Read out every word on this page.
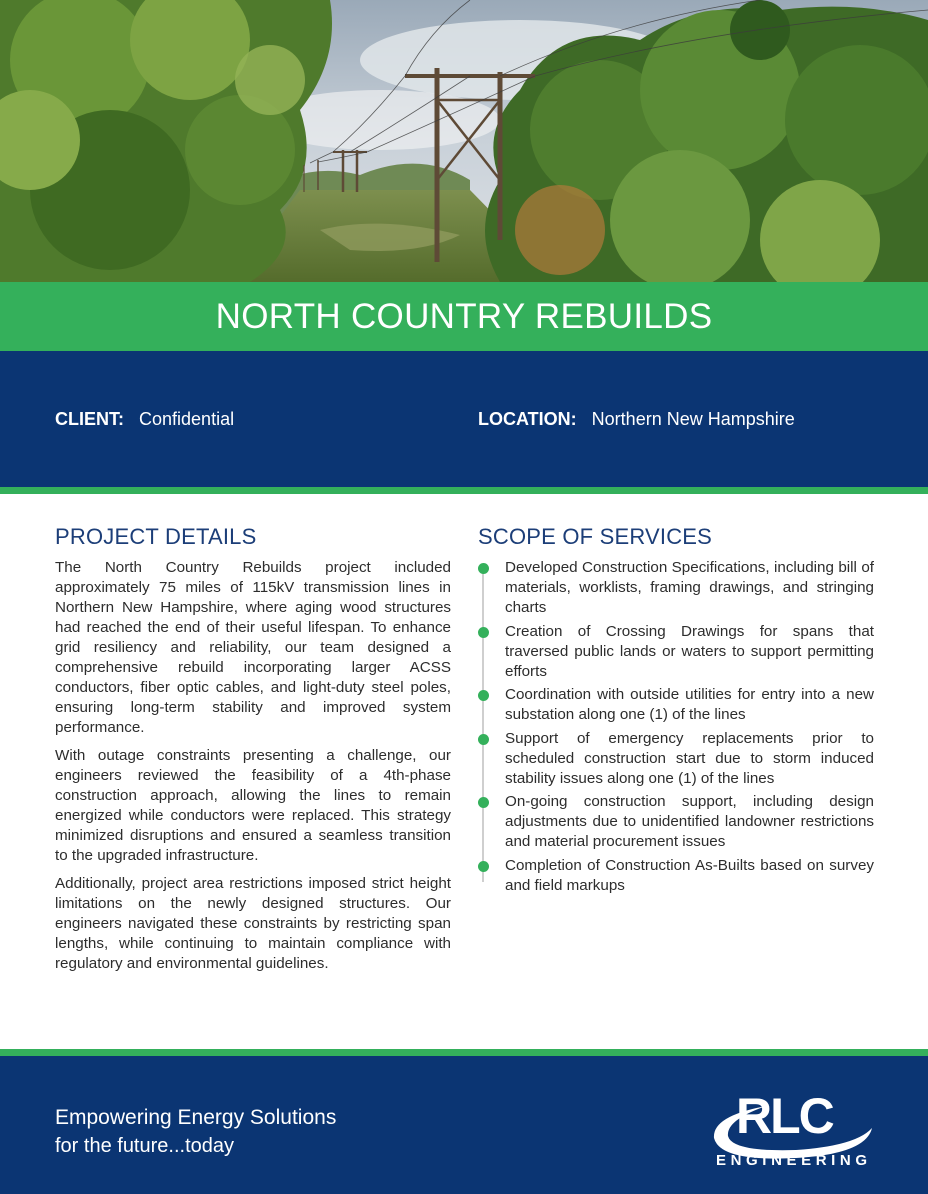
NORTH COUNTRY REBUILDS
CLIENT: Confidential	LOCATION: Northern New Hampshire
PROJECT DETAILS

The North Country Rebuilds project included approximately 75 miles of 115kV transmission lines in Northern New Hampshire, where aging wood structures had reached the end of their useful lifespan. To enhance grid resiliency and reliability, our team designed a comprehensive rebuild incorporating larger ACSS conductors, fiber optic cables, and light-duty steel poles, ensuring long-term stability and improved system performance.

With outage constraints presenting a challenge, our engineers reviewed the feasibility of a 4th-phase construction approach, allowing the lines to remain energized while conductors were replaced. This strategy minimized disruptions and ensured a seamless transition to the upgraded infrastructure.

Additionally, project area restrictions imposed strict height limitations on the newly designed structures. Our engineers navigated these constraints by restricting span lengths, while continuing to maintain compliance with regulatory and environmental guidelines.

SCOPE OF SERVICES
Developed Construction Specifications, including bill of materials, worklists, framing drawings, and stringing charts
Creation of Crossing Drawings for spans that traversed public lands or waters to support permitting efforts
Coordination with outside utilities for entry into a new substation along one (1) of the lines
Support of emergency replacements prior to scheduled construction start due to storm induced stability issues along one (1) of the lines
On-going construction support, including design adjustments due to unidentified landowner restrictions and material procurement issues
Completion of Construction As-Builts based on survey and field markups
Empowering Energy Solutions
for the future...today
RLC
ENGINEERING
